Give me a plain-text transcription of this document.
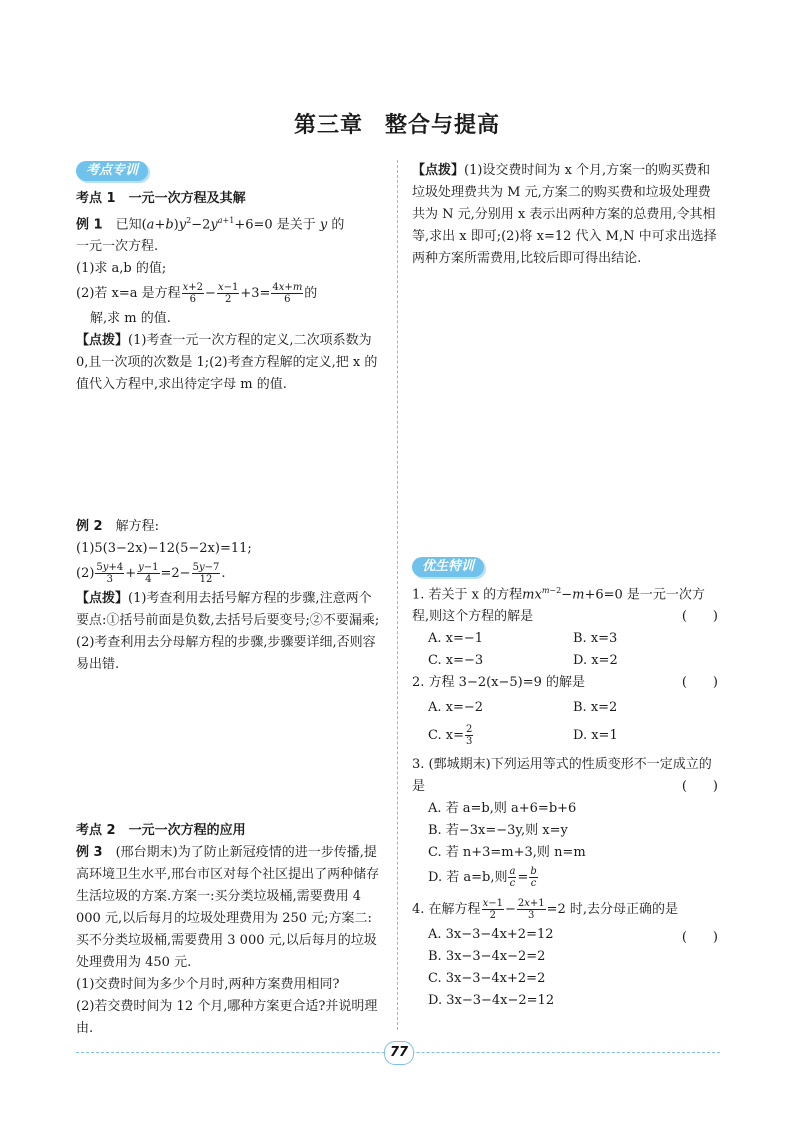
第三章 整合与提高
考点专训

考点 1　 一元一次方程及其解

例 1　 已知$(a+b)y^2-2y^{a+1}+6=0$ 是关于 y 的

一元一次方程.

(1)求 a,b 的值;

(2)若 x=a 是方程 $\frac{x+2}{6} - \frac{x-1}{2} +3= \frac{4x+m}{6}$ 的

解,求 m 的值.

【点拨】(1)考查一元一次方程的定义,二次项系数为 0,且一次项的次数是 1;(2)考查方程解的定义,把 x 的值代入方程中,求出待定字母 m 的值.

例 2　 解方程:

(1)5(3−2x)−12(5−2x)=11;

$(2) \frac{5y+4}{3} + \frac{y-1}{4} =2- \frac{5y-7}{12}$ .

【点拨】(1)考查利用去括号解方程的步骤,注意两个要点:①括号前面是负数,去括号后要变号;②不要漏乘;(2)考查利用去分母解方程的步骤,步骤要详细,否则容易出错.

考点 2　 一元一次方程的应用

例 3　 (邢台期末)为了防止新冠疫情的进一步传播,提高环境卫生水平,邢台市区对每个社区提出了两种储存生活垃圾的方案.方案一:买分类垃圾桶,需要费用 4 000 元,以后每月的垃圾处理费用为 250 元;方案二:买不分类垃圾桶,需要费用 3 000 元,以后每月的垃圾处理费用为 450 元.

(1)交费时间为多少个月时,两种方案费用相同?

(2)若交费时间为 12 个月,哪种方案更合适?并说明理由.

【点拨】(1)设交费时间为 x 个月,方案一的购买费和垃圾处理费共为 M 元,方案二的购买费和垃圾处理费共为 N 元,分别用 x 表示出两种方案的总费用,令其相等,求出 x 即可;(2)将 x=12 代入 M,N 中可求出选择两种方案所需费用,比较后即可得出结论.

优生特训

1. 若关于 x 的方程$mx^{m-2}-m+6=0$ 是一元一次方程,则这个方程的解是	(　　)

A. x=−1	B. x=3
C. x=−3	D. x=2

2. 方程 3−2(x−5)=9 的解是	(　　)

A. x=−2	B. x=2
C. $x= \frac{2}{3}$	D. x=1

3. (鄄城期末)下列运用等式的性质变形不一定成立的是	(　　)

A. 若 a=b,则 a+6=b+6

B. 若−3x=−3y,则 x=y

C. 若 n+3=m+3,则 n=m

D. 若 a=b,则 $\frac{a}{c} = \frac{b}{c}$

4. 在解方程 $\frac{x-1}{2} - \frac{2x+1}{3} =2$ 时,去分母正确的是
(　　)

A. 3x−3−4x+2=12

B. 3x−3−4x−2=2

C. 3x−3−4x+2=2

D. 3x−3−4x−2=12

77
